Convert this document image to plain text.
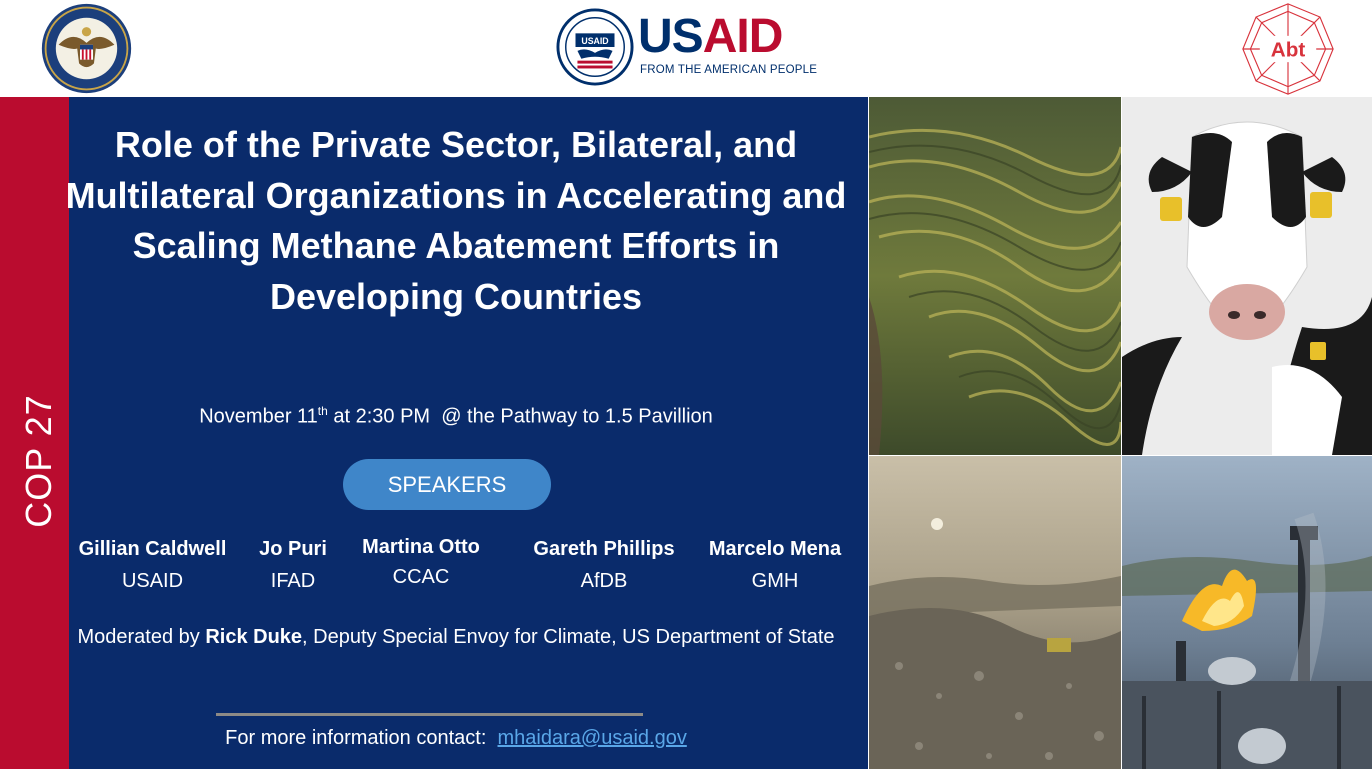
USAID USAID
FROM THE AMERICAN PEOPLE
Abt
COP 27
Role of the Private Sector, Bilateral, and Multilateral Organizations in Accelerating and Scaling Methane Abatement Efforts in Developing Countries
November 11th at 2:30 PM  @ the Pathway to 1.5 Pavillion
SPEAKERS
Gillian Caldwell
USAID
Jo Puri
IFAD
Martina Otto
CCAC
Gareth Phillips
AfDB
Marcelo Mena
GMH
Moderated by Rick Duke, Deputy Special Envoy for Climate, US Department of State
For more information contact: mhaidara@usaid.gov
